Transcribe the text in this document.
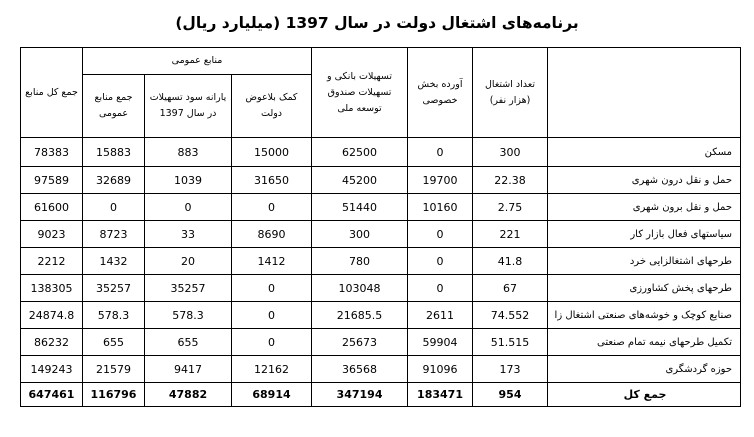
برنامه‌های اشتغال دولت در سال 1397 (میلیارد ریال)
جمع کل منابع	منابع عمومی			تسهیلات بانکی و تسهیلات صندوق توسعه ملی	آورده بخش خصوصی	تعداد اشتغال (هزار نفر)	
	جمع منابع عمومی	یارانه سود تسهیلات در سال 1397	کمک بلاعوض دولت				
78383	15883	883	15000	62500	0	300	مسکن
97589	32689	1039	31650	45200	19700	22.38	حمل و نقل درون شهری
61600	0	0	0	51440	10160	2.75	حمل و نقل برون شهری
9023	8723	33	8690	300	0	221	سیاستهای فعال بازار کار
2212	1432	20	1412	780	0	41.8	طرحهای اشتغالزایی خرد
138305	35257	35257	0	103048	0	67	طرحهای پخش کشاورزی
24874.8	578.3	578.3	0	21685.5	2611	74.552	صنایع کوچک و خوشه‌های صنعتی اشتغال زا
86232	655	655	0	25673	59904	51.515	تکمیل طرحهای نیمه تمام صنعتی
149243	21579	9417	12162	36568	91096	173	حوزه گردشگری
647461	116796	47882	68914	347194	183471	954	جمع کل
